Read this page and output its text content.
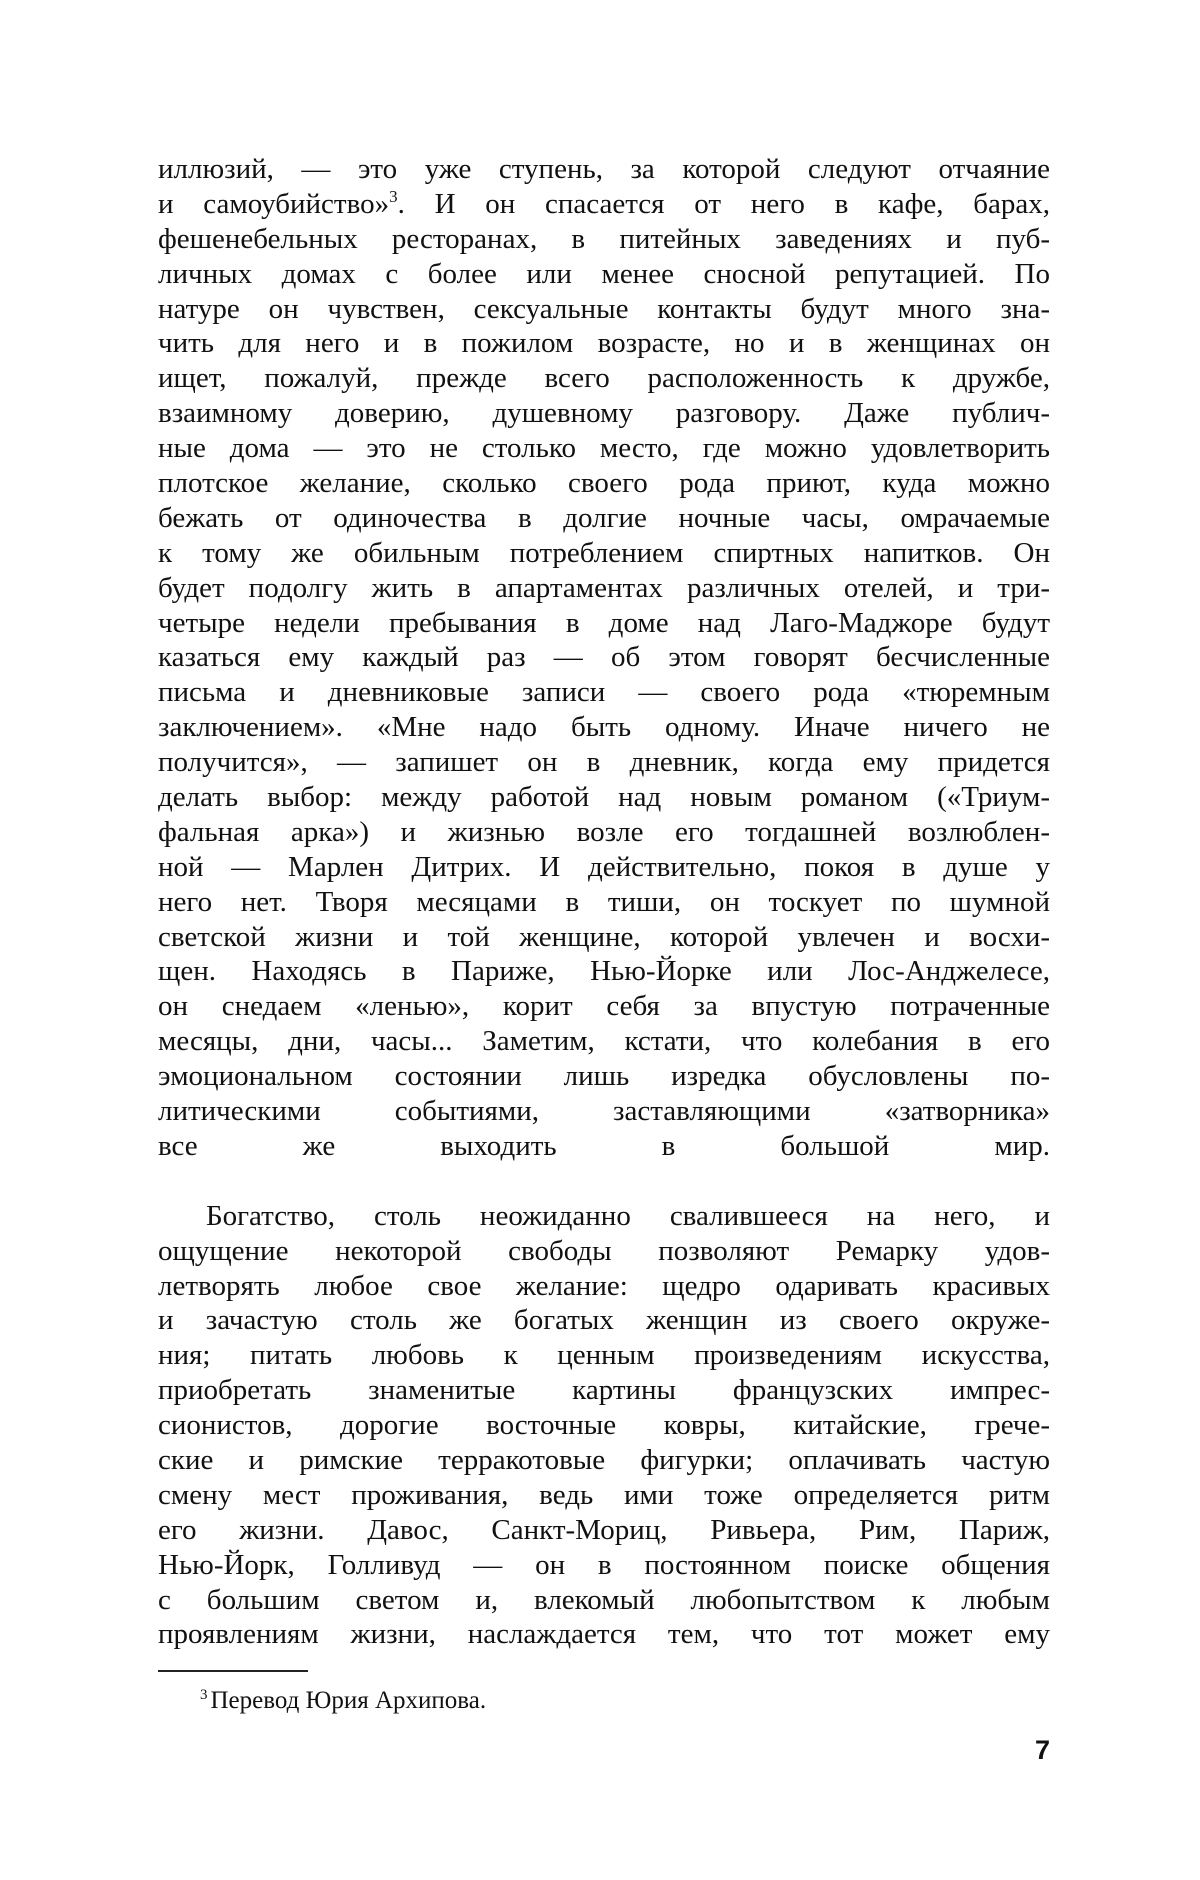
иллюзий, — это уже ступень, за которой следуют отчаяние
и самоубийство»3. И он спасается от него в кафе, барах,
фешенебельных ресторанах, в питейных заведениях и пуб-
личных домах с более или менее сносной репутацией. По
натуре он чувствен, сексуальные контакты будут много зна-
чить для него и в пожилом возрасте, но и в женщинах он
ищет, пожалуй, прежде всего расположенность к дружбе,
взаимному доверию, душевному разговору. Даже публич-
ные дома — это не столько место, где можно удовлетворить
плотское желание, сколько своего рода приют, куда можно
бежать от одиночества в долгие ночные часы, омрачаемые
к тому же обильным потреблением спиртных напитков. Он
будет подолгу жить в апартаментах различных отелей, и три-
четыре недели пребывания в доме над Лаго-Маджоре будут
казаться ему каждый раз — об этом говорят бесчисленные
письма и дневниковые записи — своего рода «тюремным
заключением». «Мне надо быть одному. Иначе ничего не
получится», — запишет он в дневник, когда ему придется
делать выбор: между работой над новым романом («Триум-
фальная арка») и жизнью возле его тогдашней возлюблен-
ной — Марлен Дитрих. И действительно, покоя в душе у
него нет. Творя месяцами в тиши, он тоскует по шумной
светской жизни и той женщине, которой увлечен и восхи-
щен. Находясь в Париже, Нью-Йорке или Лос-Анджелесе,
он снедаем «ленью», корит себя за впустую потраченные
месяцы, дни, часы... Заметим, кстати, что колебания в его
эмоциональном состоянии лишь изредка обусловлены по-
литическими событиями, заставляющими «затворника»
все же выходить в большой мир.
Богатство, столь неожиданно свалившееся на него, и
ощущение некоторой свободы позволяют Ремарку удов-
летворять любое свое желание: щедро одаривать красивых
и зачастую столь же богатых женщин из своего окруже-
ния; питать любовь к ценным произведениям искусства,
приобретать знаменитые картины французских импрес-
сионистов, дорогие восточные ковры, китайские, грече-
ские и римские терракотовые фигурки; оплачивать частую
смену мест проживания, ведь ими тоже определяется ритм
его жизни. Давос, Санкт-Мориц, Ривьера, Рим, Париж,
Нью-Йорк, Голливуд — он в постоянном поиске общения
с большим светом и, влекомый любопытством к любым
проявлениям жизни, наслаждается тем, что тот может ему
3 Перевод Юрия Архипова.
7
